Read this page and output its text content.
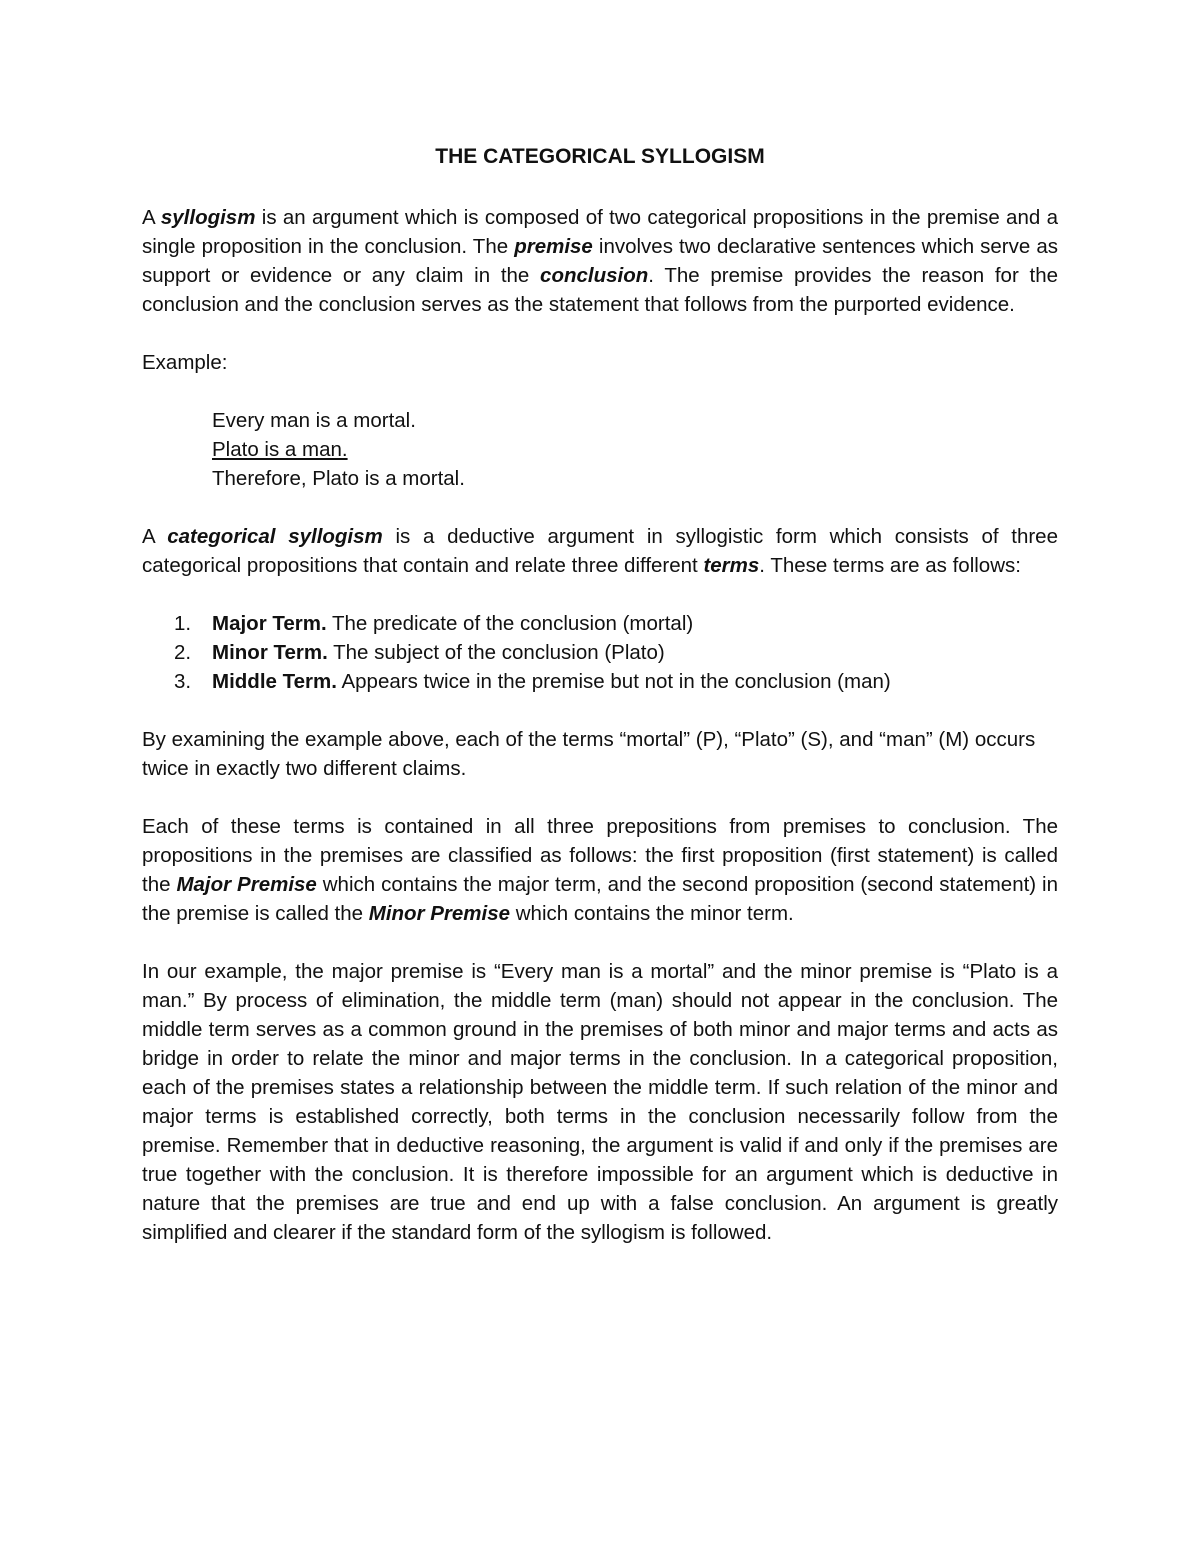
THE CATEGORICAL SYLLOGISM

A syllogism is an argument which is composed of two categorical propositions in the premise and a single proposition in the conclusion. The premise involves two declarative sentences which serve as support or evidence or any claim in the conclusion. The premise provides the reason for the conclusion and the conclusion serves as the statement that follows from the purported evidence.

Example:

Every man is a mortal.

Plato is a man.

Therefore, Plato is a mortal.

A categorical syllogism is a deductive argument in syllogistic form which consists of three categorical propositions that contain and relate three different terms. These terms are as follows:

1.	Major Term. The predicate of the conclusion (mortal)
2.	Minor Term. The subject of the conclusion (Plato)
3.	Middle Term. Appears twice in the premise but not in the conclusion (man)

By examining the example above, each of the terms “mortal” (P), “Plato” (S), and “man” (M) occurs twice in exactly two different claims.

Each of these terms is contained in all three prepositions from premises to conclusion. The propositions in the premises are classified as follows: the first proposition (first statement) is called the Major Premise which contains the major term, and the second proposition (second statement) in the premise is called the Minor Premise which contains the minor term.

In our example, the major premise is “Every man is a mortal” and the minor premise is “Plato is a man.” By process of elimination, the middle term (man) should not appear in the conclusion. The middle term serves as a common ground in the premises of both minor and major terms and acts as bridge in order to relate the minor and major terms in the conclusion. In a categorical proposition, each of the premises states a relationship between the middle term. If such relation of the minor and major terms is established correctly, both terms in the conclusion necessarily follow from the premise. Remember that in deductive reasoning, the argument is valid if and only if the premises are true together with the conclusion. It is therefore impossible for an argument which is deductive in nature that the premises are true and end up with a false conclusion. An argument is greatly simplified and clearer if the standard form of the syllogism is followed.
